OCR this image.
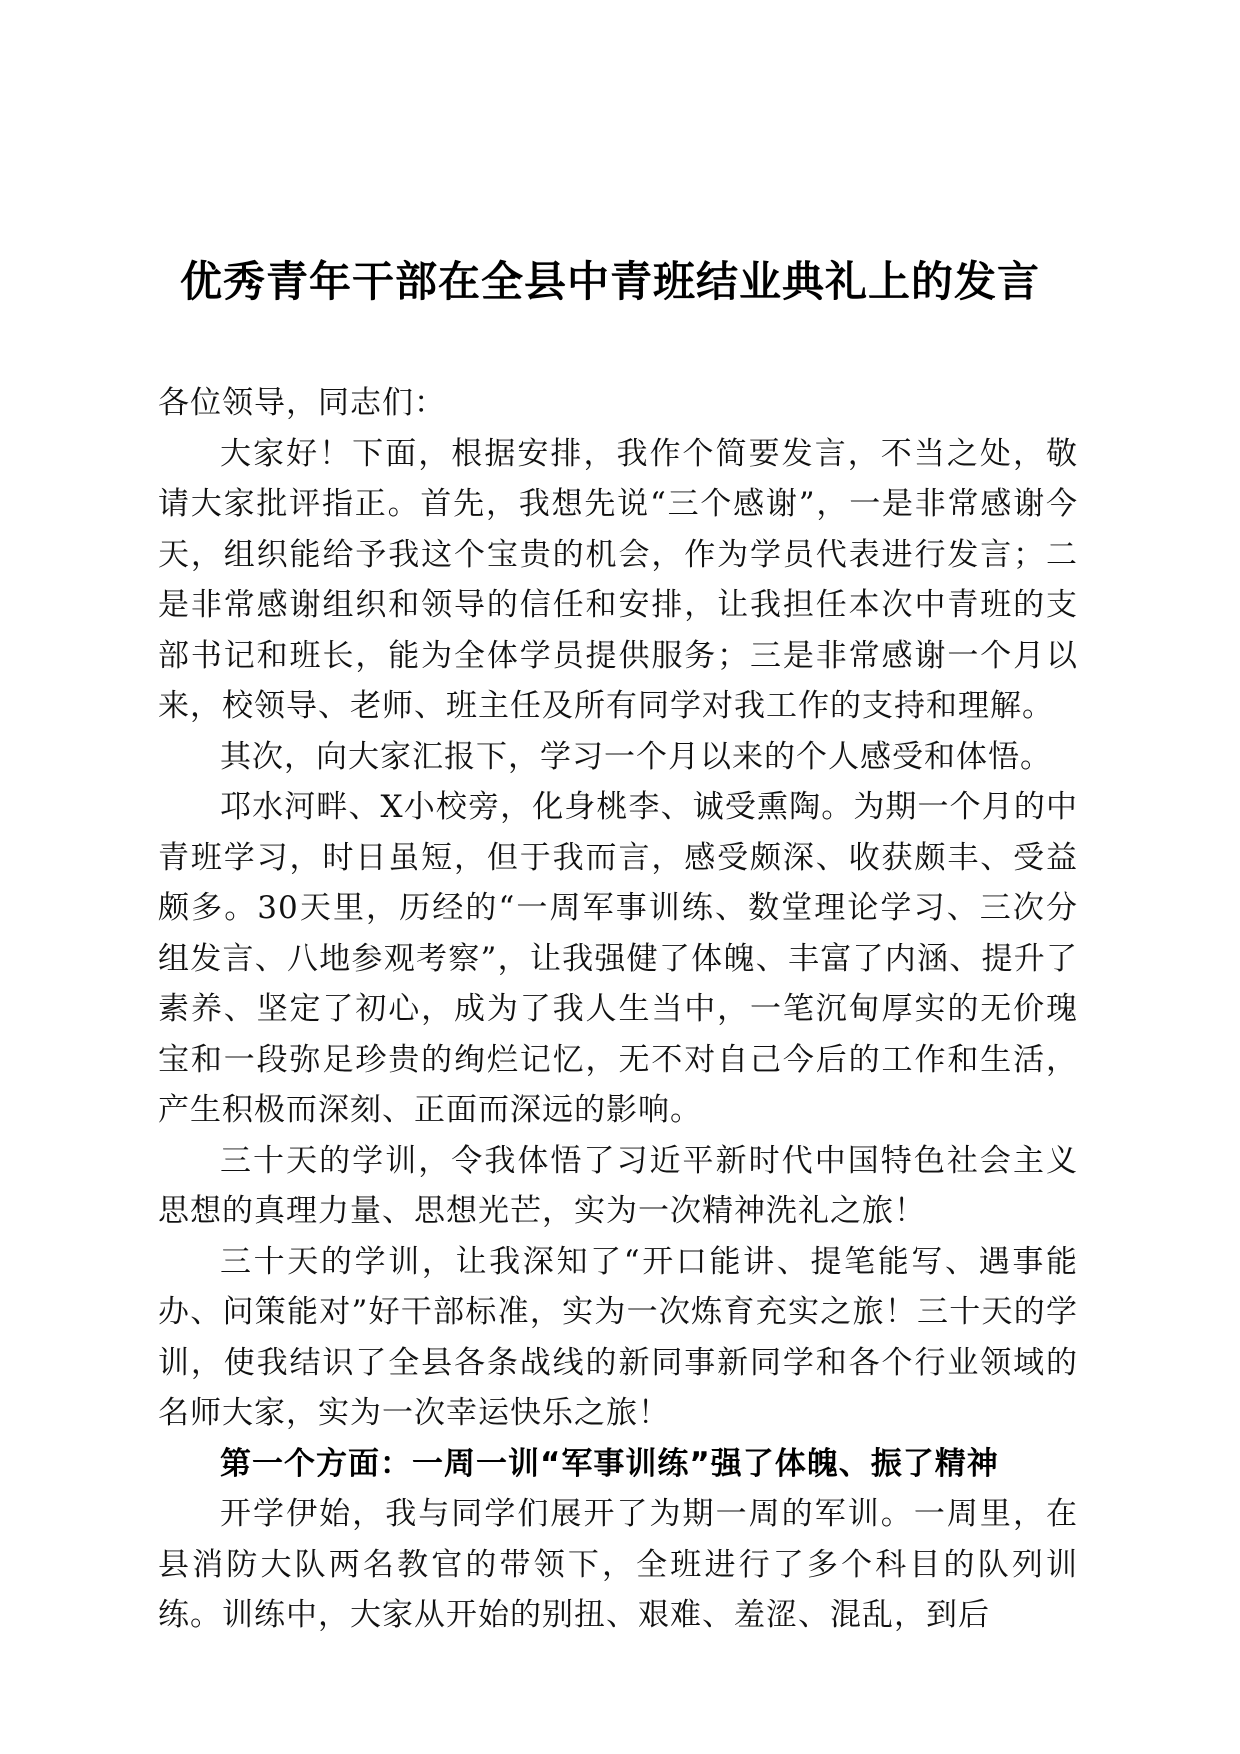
优秀青年干部在全县中青班结业典礼上的发言

各位领导，同志们：

大家好！下面，根据安排，我作个简要发言，不当之处，敬请大家批评指正。首先，我想先说“三个感谢”，一是非常感谢今天，组织能给予我这个宝贵的机会，作为学员代表进行发言；二是非常感谢组织和领导的信任和安排，让我担任本次中青班的支部书记和班长，能为全体学员提供服务；三是非常感谢一个月以来，校领导、老师、班主任及所有同学对我工作的支持和理解。

其次，向大家汇报下，学习一个月以来的个人感受和体悟。

邛水河畔、X小校旁，化身桃李、诚受熏陶。为期一个月的中青班学习，时日虽短，但于我而言，感受颇深、收获颇丰、受益颇多。30天里，历经的“一周军事训练、数堂理论学习、三次分组发言、八地参观考察”，让我强健了体魄、丰富了内涵、提升了素养、坚定了初心，成为了我人生当中，一笔沉甸厚实的无价瑰宝和一段弥足珍贵的绚烂记忆，无不对自己今后的工作和生活，产生积极而深刻、正面而深远的影响。

三十天的学训，令我体悟了习近平新时代中国特色社会主义思想的真理力量、思想光芒，实为一次精神洗礼之旅！

三十天的学训，让我深知了“开口能讲、提笔能写、遇事能办、问策能对”好干部标准，实为一次炼育充实之旅！三十天的学训，使我结识了全县各条战线的新同事新同学和各个行业领域的名师大家，实为一次幸运快乐之旅！

第一个方面：一周一训“军事训练”强了体魄、振了精神

开学伊始，我与同学们展开了为期一周的军训。一周里，在县消防大队两名教官的带领下，全班进行了多个科目的队列训练。训练中，大家从开始的别扭、艰难、羞涩、混乱，到后
